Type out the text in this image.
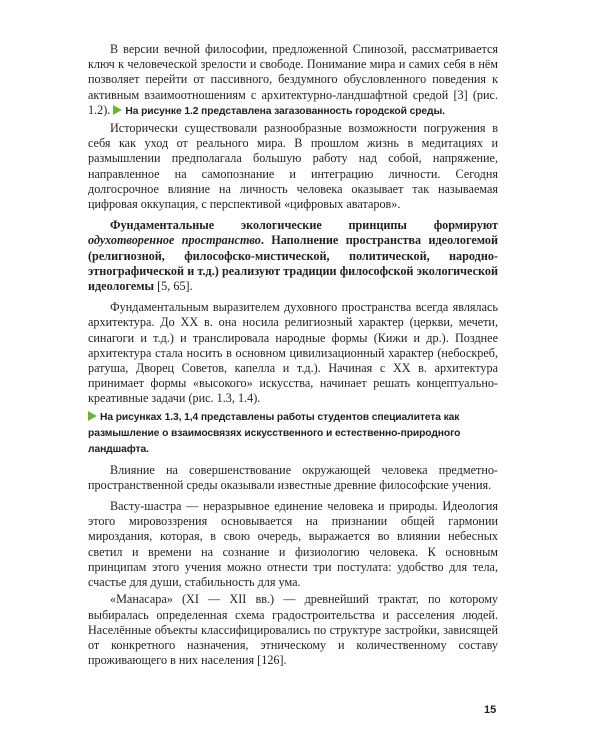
В версии вечной философии, предложенной Спинозой, рассматривается ключ к человеческой зрелости и свободе. Понимание мира и самих себя в нём позволяет перейти от пассивного, бездумного обусловленного поведения к активным взаимоотношениям с архитектурно-ландшафтной средой [3] (рис. 1.2). На рисунке 1.2 представлена загазованность городской среды.

Исторически существовали разнообразные возможности погружения в себя как уход от реального мира. В прошлом жизнь в медитациях и размышлении предполагала большую работу над собой, напряжение, направленное на самопознание и интеграцию личности. Сегодня долгосрочное влияние на личность человека оказывает так называемая цифровая оккупация, с перспективой «цифровых аватаров».

Фундаментальные экологические принципы формируют одухотворенное пространство. Наполнение пространства идеологемой (религиозной, философско-мистической, политической, народно-этнографической и т.д.) реализуют традиции философской экологической идеологемы [5, 65].

Фундаментальным выразителем духовного пространства всегда являлась архитектура. До XX в. она носила религиозный характер (церкви, мечети, синагоги и т.д.) и транслировала народные формы (Кижи и др.). Позднее архитектура стала носить в основном цивилизационный характер (небоскреб, ратуша, Дворец Советов, капелла и т.д.). Начиная с XX в. архитектура принимает формы «высокого» искусства, начинает решать концептуально-креативные задачи (рис. 1.3, 1.4).

На рисунках 1.3, 1,4 представлены работы студентов специалитета как размышление о взаимосвязях искусственного и естественно-природного ландшафта.

Влияние на совершенствование окружающей человека предметно-пространственной среды оказывали известные древние философские учения.

Васту-шастра — неразрывное единение человека и природы. Идеология этого мировоззрения основывается на признании общей гармонии мироздания, которая, в свою очередь, выражается во влиянии небесных светил и времени на сознание и физиологию человека. К основным принципам этого учения можно отнести три постулата: удобство для тела, счастье для души, стабильность для ума.

«Манасара» (XI — XII вв.) — древнейший трактат, по которому выбиралась определенная схема градостроительства и расселения людей. Населённые объекты классифицировались по структуре застройки, зависящей от конкретного назначения, этническому и количественному составу проживающего в них населения [126].

15
